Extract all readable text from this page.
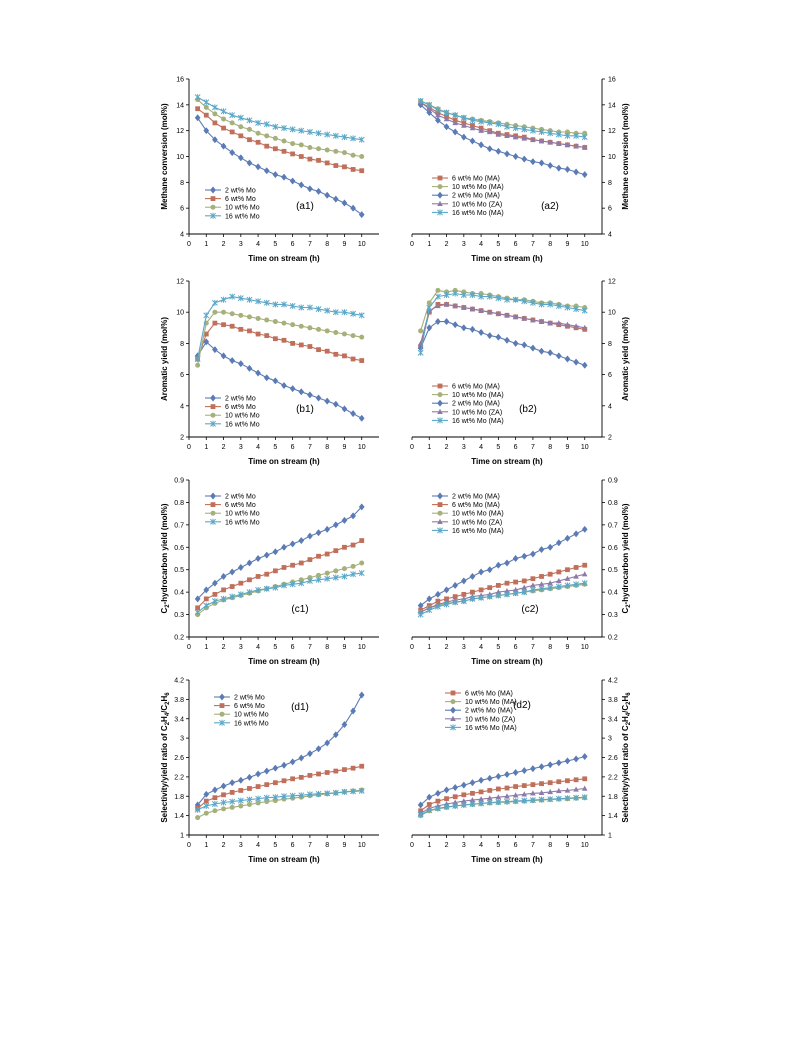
0 1 2 3 4 5 6 7 8 9 10
4
6
8
10
12
14
16
Time on stream (h)
Methane conversion (mol%)	2 wt% Mo
6 wt% Mo
10 wt% Mo
16 wt% Mo
(a1)
0 1 2 3 4 5 6 7 8 9 10
4
6
8
10
12
14
16
Time on stream (h)
Methane conversion (mol%)
6 wt% Mo (MA)
10 wt% Mo (MA)
2 wt% Mo (MA)
10 wt% Mo (ZA)
16 wt% Mo (MA)
(a2)
0 1 2 3 4 5 6 7 8 9 10
2
4
6
8
10
12
Time on stream (h)
Aromatic yield (mol%)	2 wt% Mo
6 wt% Mo
10 wt% Mo
16 wt% Mo
(b1)
0 1 2 3 4 5 6 7 8 9 10
2
4
6
8
10
12
Time on stream (h)
Aromatic yield (mol%)
6 wt% Mo (MA)
10 wt% Mo (MA)
2 wt% Mo (MA)
10 wt% Mo (ZA)
16 wt% Mo (MA)
(b2)
0 1 2 3 4 5 6 7 8 9 10
0.2
0.3
0.4
0.5
0.6
0.7
0.8
0.9
Time on stream (h)
$C_2$-hydrocarbon yield (mol%)
2 wt% Mo
6 wt% Mo
10 wt% Mo
16 wt% Mo
(c1)
0 1 2 3 4 5 6 7 8 9 10
0.2
0.3
0.4
0.5
0.6
0.7
0.8
0.9
Time on stream (h)
$C_2$-hydrocarbon yield (mol%)
2 wt% Mo (MA)
6 wt% Mo (MA)
10 wt% Mo (MA)
10 wt% Mo (ZA)
16 wt% Mo (MA)
(c2)
0 1 2 3 4 5 6 7 8 9 10
1
1.4
1.8
2.2
2.6
3
3.4
3.8
4.2
Time on stream (h)
Selectivity/yield ratio of $C_2H_4/C_2H_6$
2 wt% Mo
6 wt% Mo
10 wt% Mo
16 wt% Mo
(d1)
0 1 2 3 4 5 6 7 8 9 10
1
1.4
1.8
2.2
2.6
3
3.4
3.8
4.2
Time on stream (h)
Selectivity/yield ratio of $C_2H_4/C_2H_6$
6 wt% Mo (MA)
10 wt% Mo (MA)
2 wt% Mo (MA)
10 wt% Mo (ZA)
16 wt% Mo (MA)
(d2)
